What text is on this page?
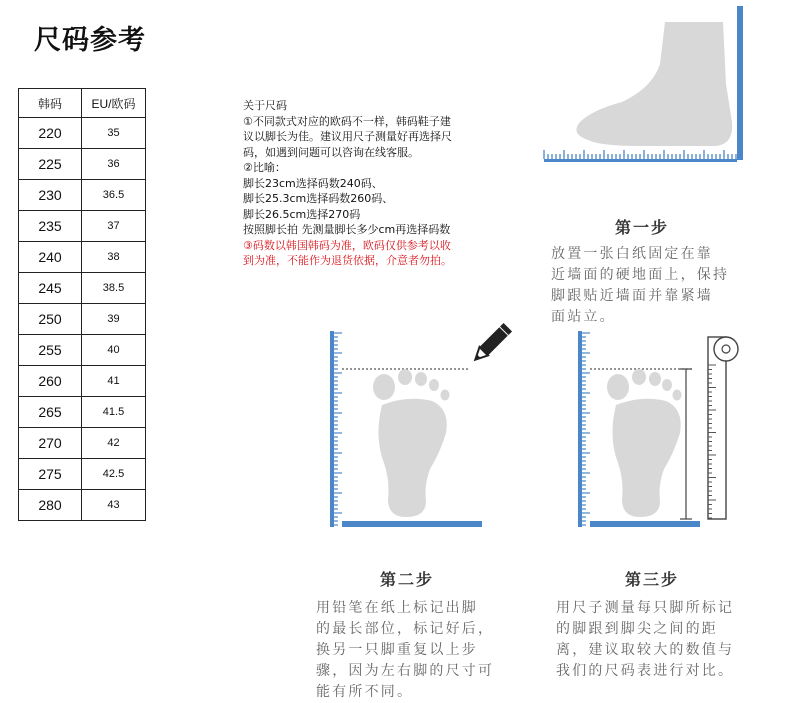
尺码参考
韩码	EU/欧码
220	35
225	36
230	36.5
235	37
240	38
245	38.5
250	39
255	40
260	41
265	41.5
270	42
275	42.5
280	43
关于尺码
①不同款式对应的欧码不一样，韩码鞋子建
议以脚长为佳。建议用尺子测量好再选择尺
码，如遇到问题可以咨询在线客服。
②比喻：
脚长23cm选择码数240码、
脚长25.3cm选择码数260码、
脚长26.5cm选择270码
按照脚长拍 先测量脚长多少cm再选择码数
③码数以韩国韩码为准，欧码仅供参考以收
到为准，不能作为退货依据，介意者勿拍。
第一步
放置一张白纸固定在靠
近墙面的硬地面上，保持
脚跟贴近墙面并靠紧墙
面站立。
第二步
用铅笔在纸上标记出脚
的最长部位，标记好后，
换另一只脚重复以上步
骤，因为左右脚的尺寸可
能有所不同。
第三步
用尺子测量每只脚所标记
的脚跟到脚尖之间的距
离，建议取较大的数值与
我们的尺码表进行对比。
